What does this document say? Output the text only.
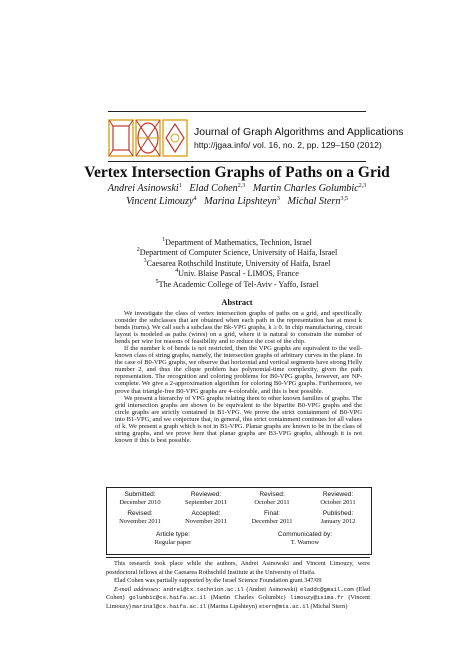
Journal of Graph Algorithms and Applications
http://jgaa.info/ vol. 16, no. 2, pp. 129–150 (2012)
Vertex Intersection Graphs of Paths on a Grid
Andrei Asinowski$^1$ Elad Cohen$^{2,3}$ Martin Charles Golumbic$^{2,3}$
Vincent Limouzy$^4$ Marina Lipshteyn$^3$ Michal Stern$^{3,5}$
$^1$Department of Mathematics, Technion, Israel
$^2$Department of Computer Science, University of Haifa, Israel
$^3$Caesarea Rothschild Institute, University of Haifa, Israel
$^4$Univ. Blaise Pascal - LIMOS, France
$^5$The Academic College of Tel-Aviv - Yaffo, Israel
Abstract

We investigate the class of vertex intersection graphs of paths on a grid, and specifically consider the subclasses that are obtained when each path in the representation has at most k bends (turns). We call such a subclass the Bk-VPG graphs, k ≥ 0. In chip manufacturing, circuit layout is modeled as paths (wires) on a grid, where it is natural to constrain the number of bends per wire for reasons of feasibility and to reduce the cost of the chip.

If the number k of bends is not restricted, then the VPG graphs are equivalent to the well-known class of string graphs, namely, the intersection graphs of arbitrary curves in the plane. In the case of B0-VPG graphs, we observe that horizontal and vertical segments have strong Helly number 2, and thus the clique problem has polynomial-time complexity, given the path representation. The recognition and coloring problems for B0-VPG graphs, however, are NP-complete. We give a 2-approximation algorithm for coloring B0-VPG graphs. Furthermore, we prove that triangle-free B0-VPG graphs are 4-colorable, and this is best possible.

We present a hierarchy of VPG graphs relating them to other known families of graphs. The grid intersection graphs are shown to be equivalent to the bipartite B0-VPG graphs and the circle graphs are strictly contained in B1-VPG. We prove the strict containment of B0-VPG into B1-VPG, and we conjecture that, in general, this strict containment continues for all values of k. We present a graph which is not in B1-VPG. Planar graphs are known to be in the class of string graphs, and we prove here that planar graphs are B3-VPG graphs, although it is not known if this is best possible.

Submitted:
December 2010
Reviewed:
September 2011
Revised:
October 2011
Reviewed:
October 2011
Revised:
November 2011
Accepted:
November 2011
Final:
December 2011
Published:
January 2012
Article type:
Regular paper
Communicated by:
T. Warnow

This research took place while the authors, Andrei Asinowski and Vincent Limouzy, were postdoctoral fellows at the Caesarea Rothschild Institute at the University of Haifa.

Elad Cohen was partially supported by the Israel Science Foundation grant 347/09

E-mail addresses: andrei@tx.technion.ac.il (Andrei Asinowski) eladdc@gmail.com (Elad Cohen) golumbic@cs.haifa.ac.il (Martin Charles Golumbic) limouzy@isima.fr (Vincent Limouzy) marinal@cs.haifa.ac.il (Marina Lipshteyn) stern@mta.ac.il (Michal Stern)
